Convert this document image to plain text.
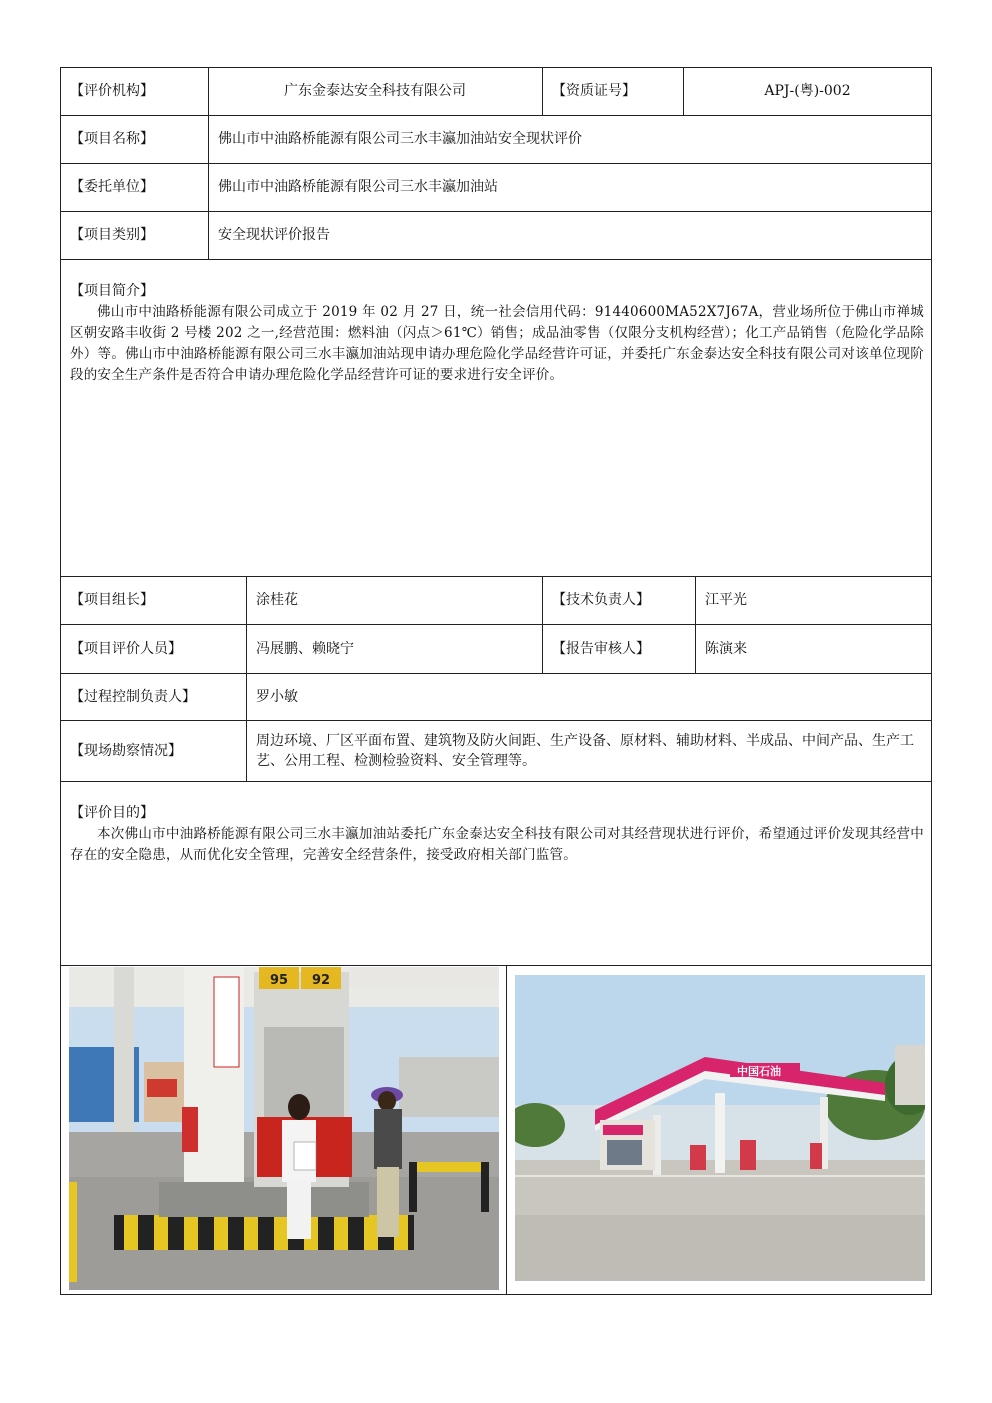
【评价机构】	广东金泰达安全科技有限公司	【资质证号】	APJ-(粤)-002
【项目名称】	佛山市中油路桥能源有限公司三水丰瀛加油站安全现状评价
【委托单位】	佛山市中油路桥能源有限公司三水丰瀛加油站
【项目类别】	安全现状评价报告
【项目简介】
佛山市中油路桥能源有限公司成立于 2019 年 02 月 27 日，统一社会信用代码：91440600MA52X7J67A，营业场所位于佛山市禅城区朝安路丰收街 2 号楼 202 之一,经营范围：燃料油（闪点＞61℃）销售；成品油零售（仅限分支机构经营）；化工产品销售（危险化学品除外）等。佛山市中油路桥能源有限公司三水丰瀛加油站现申请办理危险化学品经营许可证，并委托广东金泰达安全科技有限公司对该单位现阶段的安全生产条件是否符合申请办理危险化学品经营许可证的要求进行安全评价。
【项目组长】	涂桂花	【技术负责人】	江平光
【项目评价人员】	冯展鹏、赖晓宁	【报告审核人】	陈演来
【过程控制负责人】	罗小敏
【现场勘察情况】
周边环境、厂区平面布置、建筑物及防火间距、生产设备、原材料、辅助材料、半成品、中间产品、生产工艺、公用工程、检测检验资料、安全管理等。
【评价目的】
本次佛山市中油路桥能源有限公司三水丰瀛加油站委托广东金泰达安全科技有限公司对其经营现状进行评价，希望通过评价发现其经营中存在的安全隐患，从而优化安全管理，完善安全经营条件，接受政府相关部门监管。
95 92
中国石油
